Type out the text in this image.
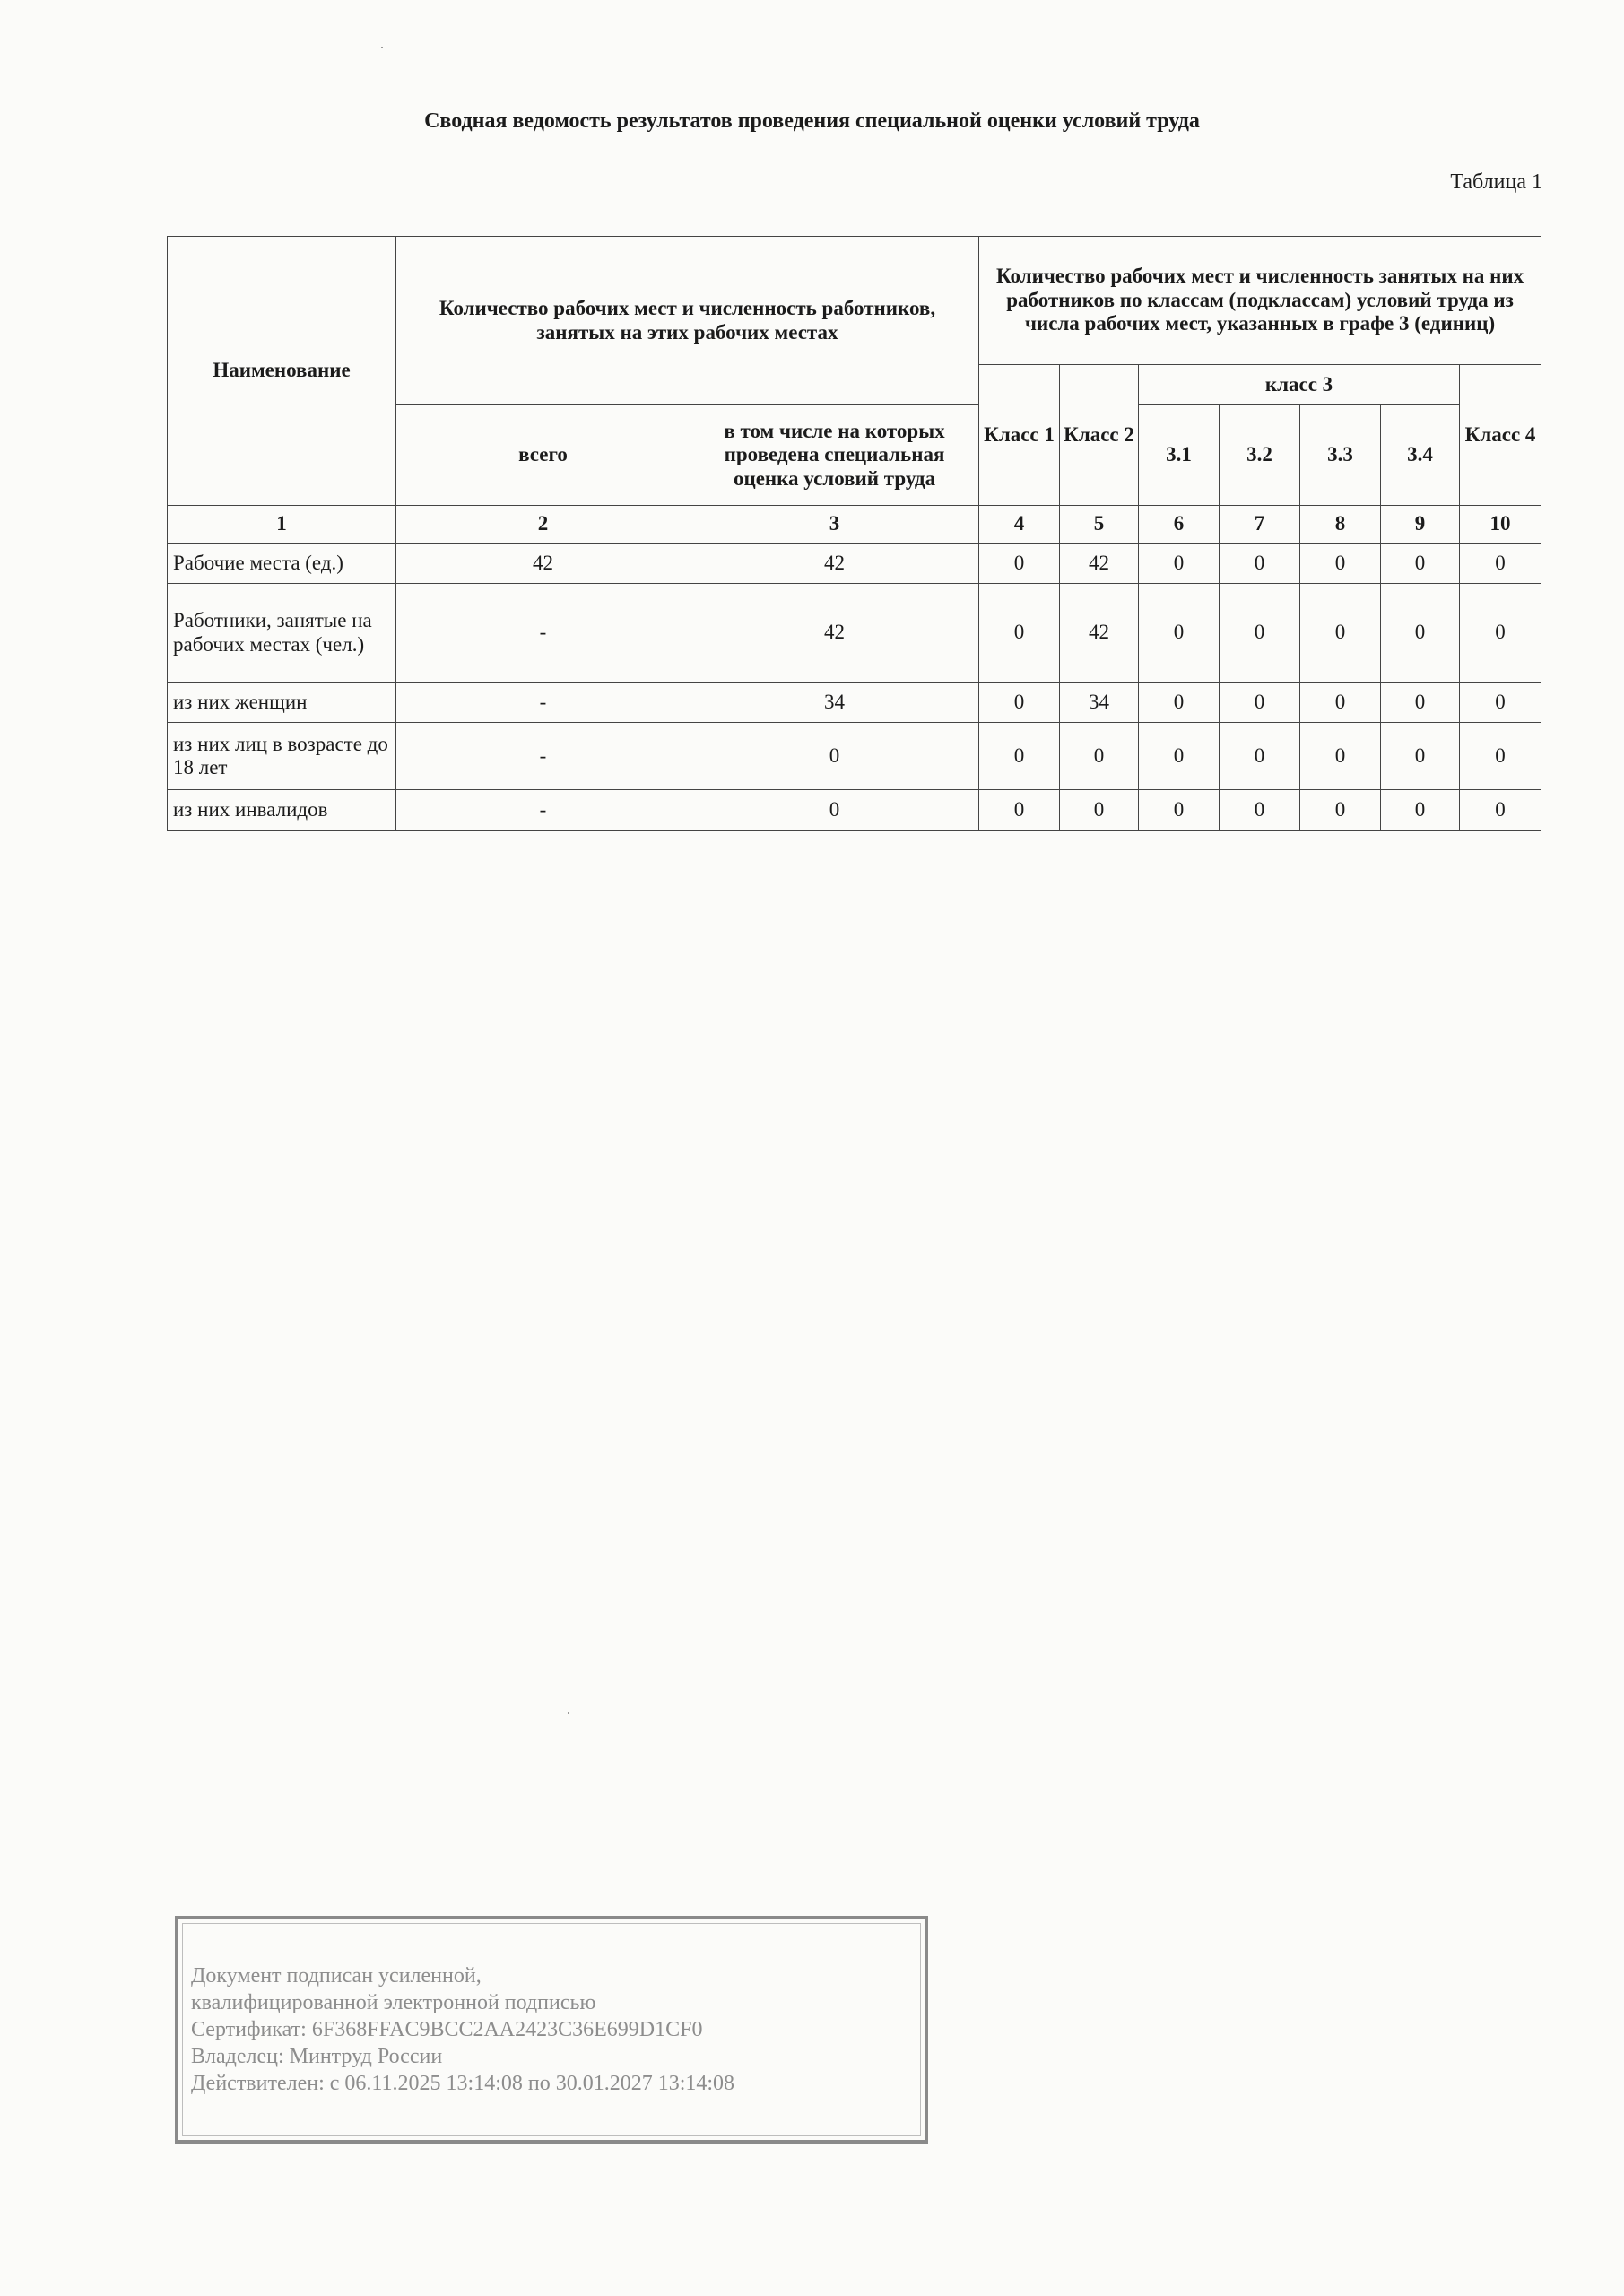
Сводная ведомость результатов проведения специальной оценки условий труда
Таблица 1
Наименование	Количество рабочих мест и численность работников, занятых на этих рабочих местах		Количество рабочих мест и численность занятых на них работников по классам (подклассам) условий труда из числа рабочих мест, указанных в графе 3 (единиц)						
			Класс 1	Класс 2	класс 3				Класс 4
	всего	в том числе на которых проведена специальная оценка условий труда			3.1	3.2	3.3	3.4	
1	2	3	4	5	6	7	8	9	10
Рабочие места (ед.)	42	42	0	42	0	0	0	0	0
Работники, занятые на рабочих местах (чел.)	-	42	0	42	0	0	0	0	0
из них женщин	-	34	0	34	0	0	0	0	0
из них лиц в возрасте до 18 лет	-	0	0	0	0	0	0	0	0
из них инвалидов	-	0	0	0	0	0	0	0	0
Документ подписан усиленной,
квалифицированной электронной подписью
Сертификат: 6F368FFAC9BCC2AA2423C36E699D1CF0
Владелец: Минтруд России
Действителен: с 06.11.2025 13:14:08 по 30.01.2027 13:14:08
